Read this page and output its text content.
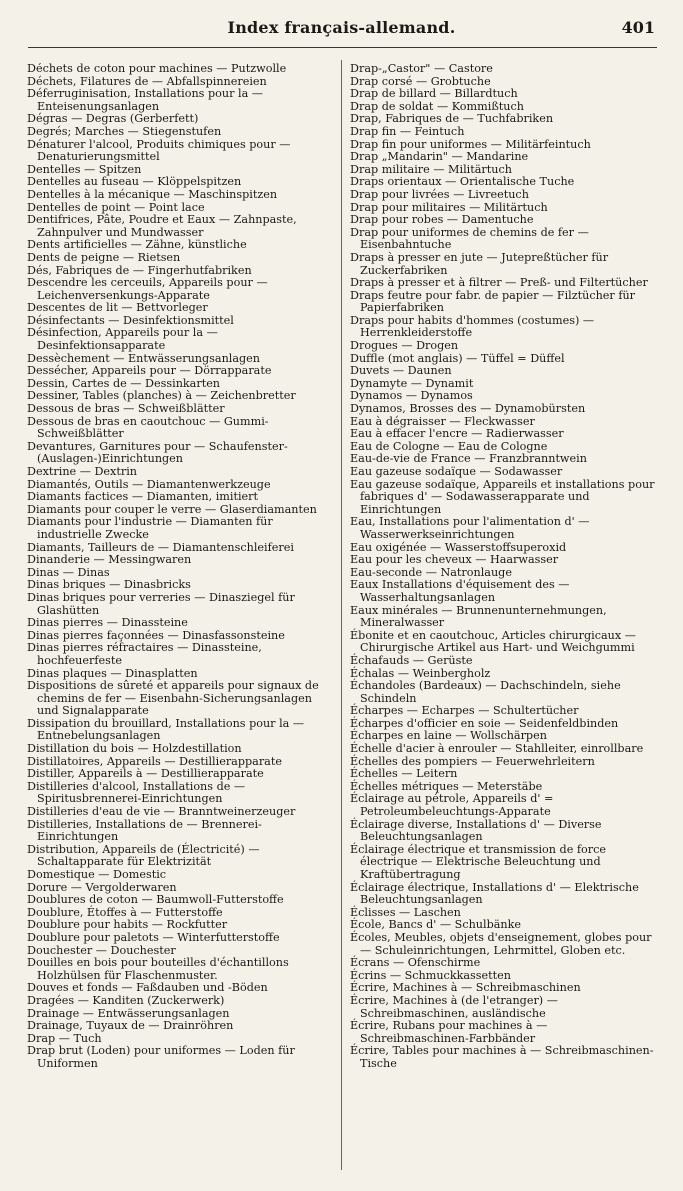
Index français-allemand.	401

Déchets de coton pour machines — Putzwolle

Déchets, Filatures de — Abfallspinnereien

Déferruginisation, Installations pour la — Enteisenungsanlagen

Dégras — Degras (Gerberfett)

Degrés; Marches — Stiegenstufen

Dénaturer l'alcool, Produits chimiques pour — Denaturierungsmittel

Dentelles — Spitzen

Dentelles au fuseau — Klöppelspitzen

Dentelles à la mécanique — Maschinspitzen

Dentelles de point — Point lace

Dentifrices, Pâte, Poudre et Eaux — Zahnpaste, Zahnpulver und Mundwasser

Dents artificielles — Zähne, künstliche

Dents de peigne — Rietsen

Dés, Fabriques de — Fingerhutfabriken

Descendre les cerceuils, Appareils pour — Leichenversenkungs-Apparate

Descentes de lit — Bettvorleger

Désinfectants — Desinfektionsmittel

Désinfection, Appareils pour la — Desinfektionsapparate

Dessèchement — Entwässerungsanlagen

Dessécher, Appareils pour — Dörrapparate

Dessin, Cartes de — Dessinkarten

Dessiner, Tables (planches) à — Zeichenbretter

Dessous de bras — Schweißblätter

Dessous de bras en caoutchouc — Gummi-Schweißblätter

Devantures, Garnitures pour — Schaufenster-(Auslagen-)Einrichtungen

Dextrine — Dextrin

Diamantés, Outils — Diamantenwerkzeuge

Diamants factices — Diamanten, imitiert

Diamants pour couper le verre — Glaserdiamanten

Diamants pour l'industrie — Diamanten für industrielle Zwecke

Diamants, Tailleurs de — Diamantenschleiferei

Dinanderie — Messingwaren

Dinas — Dinas

Dinas briques — Dinasbricks

Dinas briques pour verreries — Dinasziegel für Glashütten

Dinas pierres — Dinassteine

Dinas pierres façonnées — Dinasfassonsteine

Dinas pierres réfractaires — Dinassteine, hochfeuerfeste

Dinas plaques — Dinasplatten

Dispositions de sûreté et appareils pour signaux de chemins de fer — Eisenbahn-Sicherungsanlagen und Signalapparate

Dissipation du brouillard, Installations pour la — Entnebelungsanlagen

Distillation du bois — Holzdestillation

Distillatoires, Appareils — Destillierapparate

Distiller, Appareils à — Destillierapparate

Distilleries d'alcool, Installations de — Spiritusbrennerei-Einrichtungen

Distilleries d'eau de vie — Branntweinerzeuger

Distilleries, Installations de — Brennerei-Einrichtungen

Distribution, Appareils de (Électricité) — Schaltapparate für Elektrizität

Domestique — Domestic

Dorure — Vergolderwaren

Doublures de coton — Baumwoll-Futterstoffe

Doublure, Étoffes à — Futterstoffe

Doublure pour habits — Rockfutter

Doublure pour paletots — Winterfutterstoffe

Douchester — Douchester

Douilles en bois pour bouteilles d'échantillons Holzhülsen für Flaschenmuster.

Douves et fonds — Faßdauben und -Böden

Dragées — Kanditen (Zuckerwerk)

Drainage — Entwässerungsanlagen

Drainage, Tuyaux de — Drainröhren

Drap — Tuch

Drap brut (Loden) pour uniformes — Loden für Uniformen

Drap-„Castor" — Castore

Drap corsé — Grobtuche

Drap de billard — Billardtuch

Drap de soldat — Kommißtuch

Drap, Fabriques de — Tuchfabriken

Drap fin — Feintuch

Drap fin pour uniformes — Militärfeintuch

Drap „Mandarin" — Mandarine

Drap militaire — Militärtuch

Draps orientaux — Orientalische Tuche

Drap pour livrées — Livreetuch

Drap pour militaires — Militärtuch

Drap pour robes — Damentuche

Drap pour uniformes de chemins de fer — Eisenbahntuche

Draps à presser en jute — Jutepreßtücher für Zuckerfabriken

Draps à presser et à filtrer — Preß- und Filtertücher

Draps feutre pour fabr. de papier — Filztücher für Papierfabriken

Draps pour habits d'hommes (costumes) — Herrenkleiderstoffe

Drogues — Drogen

Duffle (mot anglais) — Tüffel = Düffel

Duvets — Daunen

Dynamyte — Dynamit

Dynamos — Dynamos

Dynamos, Brosses des — Dynamobürsten

Eau à dégraisser — Fleckwasser

Eau à effacer l'encre — Radierwasser

Eau de Cologne — Eau de Cologne

Eau-de-vie de France — Franzbranntwein

Eau gazeuse sodaïque — Sodawasser

Eau gazeuse sodaïque, Appareils et installations pour fabriques d' — Sodawasserapparate und Einrichtungen

Eau, Installations pour l'alimentation d' — Wasserwerkseinrichtungen

Eau oxigénée — Wasserstoffsuperoxid

Eau pour les cheveux — Haarwasser

Eau-seconde — Natronlauge

Eaux Installations d'équisement des — Wasserhaltungsanlagen

Eaux minérales — Brunnenunternehmungen, Mineralwasser

Ébonite et en caoutchouc, Articles chirurgicaux — Chirurgische Artikel aus Hart- und Weichgummi

Échafauds — Gerüste

Échalas — Weinbergholz

Échandoles (Bardeaux) — Dachschindeln, siehe Schindeln

Écharpes — Echarpes — Schultertücher

Écharpes d'officier en soie — Seidenfeldbinden

Écharpes en laine — Wollschärpen

Échelle d'acier à enrouler — Stahlleiter, einrollbare

Échelles des pompiers — Feuerwehrleitern

Échelles — Leitern

Échelles métriques — Meterstäbe

Éclairage au pétrole, Appareils d' = Petroleumbeleuchtungs-Apparate

Éclairage diverse, Installations d' — Diverse Beleuchtungsanlagen

Éclairage électrique et transmission de force électrique — Elektrische Beleuchtung und Kraftübertragung

Éclairage électrique, Installations d' — Elektrische Beleuchtungsanlagen

Éclisses — Laschen

École, Bancs d' — Schulbänke

Écoles, Meubles, objets d'enseignement, globes pour — Schuleinrichtungen, Lehrmittel, Globen etc.

Écrans — Ofenschirme

Écrins — Schmuckkassetten

Écrire, Machines à — Schreibmaschinen

Écrire, Machines à (de l'etranger) — Schreibmaschinen, ausländische

Écrire, Rubans pour machines à — Schreibmaschinen-Farbbänder

Écrire, Tables pour machines à — Schreibmaschinen-Tische
